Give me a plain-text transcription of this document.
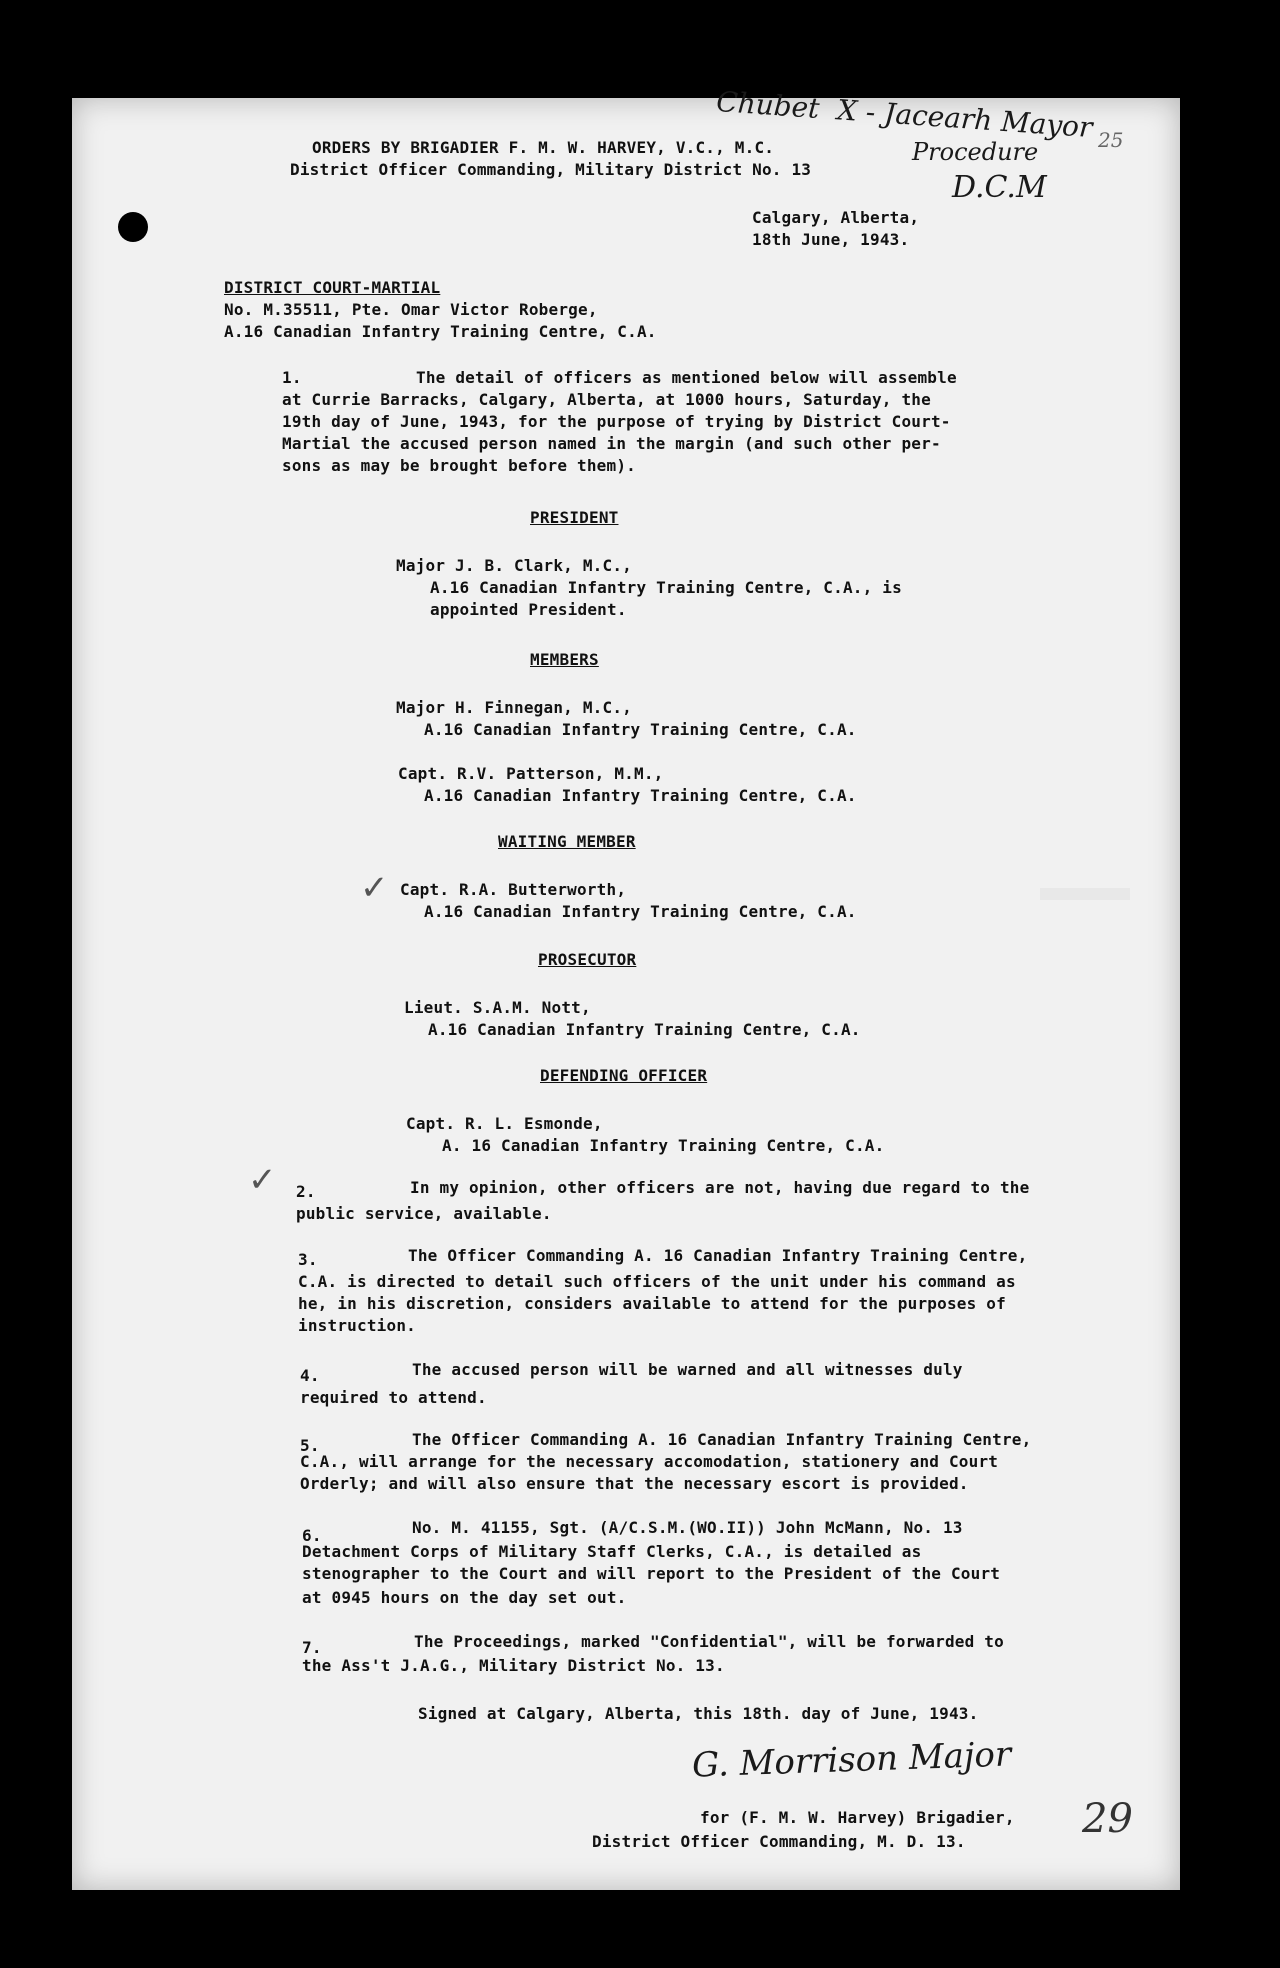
Chubet  X - Jacearh Mayor
Procedure
D.C.M
25
ORDERS BY BRIGADIER F. M. W. HARVEY, V.C., M.C.
District Officer Commanding, Military District No. 13
Calgary, Alberta,
18th June, 1943.
DISTRICT COURT-MARTIAL
No. M.35511, Pte. Omar Victor Roberge,
A.16 Canadian Infantry Training Centre, C.A.
1.	The detail of officers as mentioned below will assemble
at Currie Barracks, Calgary, Alberta, at 1000 hours, Saturday, the
19th day of June, 1943, for the purpose of trying by District Court-
Martial the accused person named in the margin (and such other per-
sons as may be brought before them).
PRESIDENT
Major J. B. Clark, M.C.,
A.16 Canadian Infantry Training Centre, C.A., is
appointed President.
MEMBERS
Major H. Finnegan, M.C.,
A.16 Canadian Infantry Training Centre, C.A.
Capt. R.V. Patterson, M.M.,
A.16 Canadian Infantry Training Centre, C.A.
WAITING MEMBER
✓ Capt. R.A. Butterworth,
A.16 Canadian Infantry Training Centre, C.A.
PROSECUTOR
Lieut. S.A.M. Nott,
A.16 Canadian Infantry Training Centre, C.A.
DEFENDING OFFICER
Capt. R. L. Esmonde,
A. 16 Canadian Infantry Training Centre, C.A.
✓ 2.	In my opinion, other officers are not, having due regard to the
public service, available.
3.	The Officer Commanding A. 16 Canadian Infantry Training Centre,
C.A. is directed to detail such officers of the unit under his command as
he, in his discretion, considers available to attend for the purposes of
instruction.
4.	The accused person will be warned and all witnesses duly
required to attend.
5.	The Officer Commanding A. 16 Canadian Infantry Training Centre,
C.A., will arrange for the necessary accomodation, stationery and Court
Orderly; and will also ensure that the necessary escort is provided.
6.	No. M. 41155, Sgt. (A/C.S.M.(WO.II)) John McMann, No. 13
Detachment Corps of Military Staff Clerks, C.A., is detailed as
stenographer to the Court and will report to the President of the Court
at 0945 hours on the day set out.
7.	The Proceedings, marked "Confidential", will be forwarded to
the Ass't J.A.G., Military District No. 13.
Signed at Calgary, Alberta, this 18th. day of June, 1943.
G. Morrison Major
for (F. M. W. Harvey) Brigadier,
District Officer Commanding, M. D. 13.	29
